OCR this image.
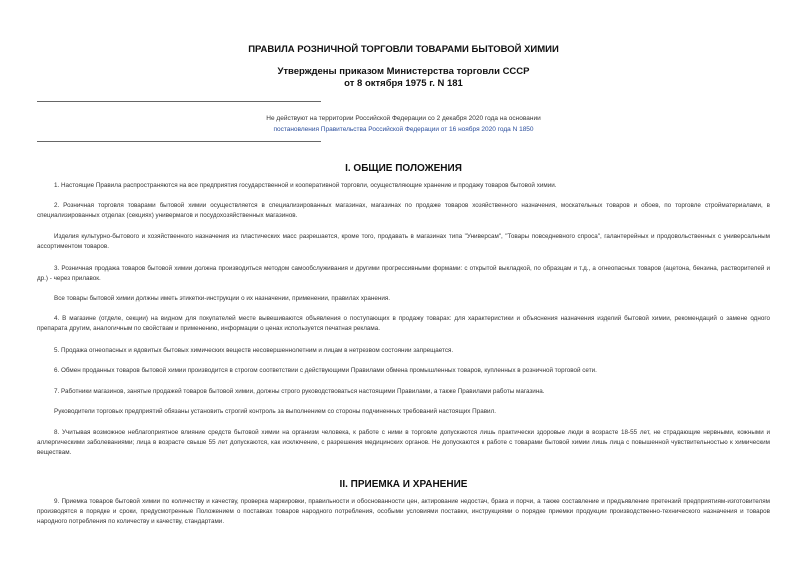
ПРАВИЛА РОЗНИЧНОЙ ТОРГОВЛИ ТОВАРАМИ БЫТОВОЙ ХИМИИ
Утверждены приказом Министерства торговли СССР
от 8 октября 1975 г. N 181
Не действуют на территории Российской Федерации со 2 декабря 2020 года на основании
постановления Правительства Российской Федерации от 16 ноября 2020 года N 1850
I. ОБЩИЕ ПОЛОЖЕНИЯ
1. Настоящие Правила распространяются на все предприятия государственной и кооперативной торговли, осуществляющие хранение и продажу товаров бытовой химии.
2. Розничная торговля товарами бытовой химии осуществляется в специализированных магазинах, магазинах по продаже товаров хозяйственного назначения, москательных товаров и обоев, по торговле стройматериалами, в специализированных отделах (секциях) универмагов и посудохозяйственных магазинов.
Изделия культурно-бытового и хозяйственного назначения из пластических масс разрешается, кроме того, продавать в магазинах типа "Универсам", "Товары повседневного спроса", галантерейных и продовольственных с универсальным ассортиментом товаров.
3. Розничная продажа товаров бытовой химии должна производиться методом самообслуживания и другими прогрессивными формами: с открытой выкладкой, по образцам и т.д., а огнеопасных товаров (ацетона, бензина, растворителей и др.) - через прилавок.
Все товары бытовой химии должны иметь этикетки-инструкции о их назначении, применении, правилах хранения.
4. В магазине (отделе, секции) на видном для покупателей месте вывешиваются объявления о поступающих в продажу товарах: для характеристики и объяснения назначения изделий бытовой химии, рекомендаций о замене одного препарата другим, аналогичным по свойствам и применению, информации о ценах используется печатная реклама.
5. Продажа огнеопасных и ядовитых бытовых химических веществ несовершеннолетним и лицам в нетрезвом состоянии запрещается.
6. Обмен проданных товаров бытовой химии производится в строгом соответствии с действующими Правилами обмена промышленных товаров, купленных в розничной торговой сети.
7. Работники магазинов, занятые продажей товаров бытовой химии, должны строго руководствоваться настоящими Правилами, а также Правилами работы магазина.
Руководители торговых предприятий обязаны установить строгий контроль за выполнением со стороны подчиненных требований настоящих Правил.
8. Учитывая возможное неблагоприятное влияние средств бытовой химии на организм человека, к работе с ними в торговле допускаются лишь практически здоровые люди в возрасте 18-55 лет, не страдающие нервными, кожными и аллергическими заболеваниями; лица в возрасте свыше 55 лет допускаются, как исключение, с разрешения медицинских органов. Не допускаются к работе с товарами бытовой химии лишь лица с повышенной чувствительностью к химическим веществам.
II. ПРИЕМКА И ХРАНЕНИЕ
9. Приемка товаров бытовой химии по количеству и качеству, проверка маркировки, правильности и обоснованности цен, актирование недостач, брака и порчи, а также составление и предъявление претензий предприятиям-изготовителям производятся в порядке и сроки, предусмотренные Положением о поставках товаров народного потребления, особыми условиями поставки, инструкциями о порядке приемки продукции производственно-технического назначения и товаров народного потребления по количеству и качеству, стандартами.
